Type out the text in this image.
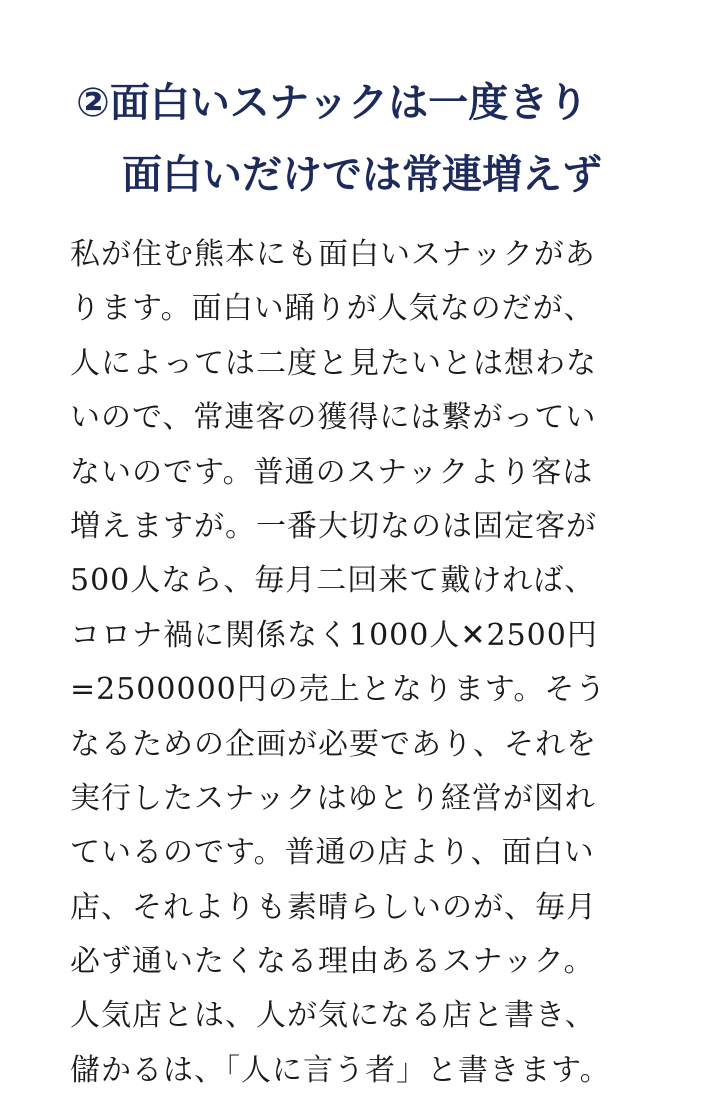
②面白いスナックは一度きり
面白いだけでは常連増えず
私が住む熊本にも面白いスナックがあ
ります。面白い踊りが人気なのだが、
人によっては二度と見たいとは想わな
いので、常連客の獲得には繋がってい
ないのです。普通のスナックより客は
増えますが。一番大切なのは固定客が
500人なら、毎月二回来て戴ければ、
コロナ禍に関係なく1000人✕2500円
=2500000円の売上となります。そう
なるための企画が必要であり、それを
実行したスナックはゆとり経営が図れ
ているのです。普通の店より、面白い
店、それよりも素晴らしいのが、毎月
必ず通いたくなる理由あるスナック。
人気店とは、人が気になる店と書き、
儲かるは、「人に言う者」と書きます。
